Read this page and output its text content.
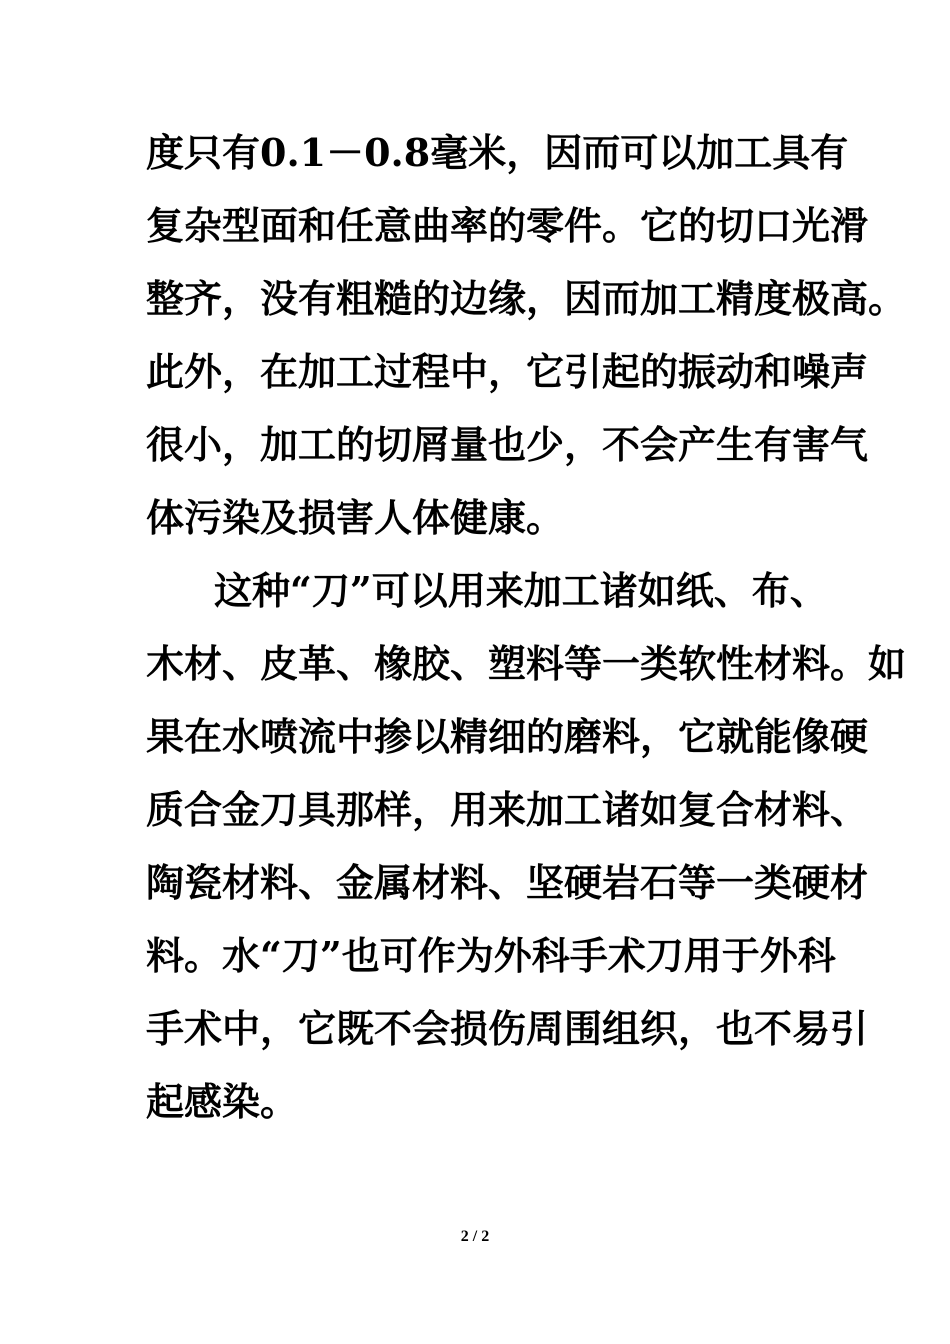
度只有0.1－0.8毫米，因而可以加工具有
复杂型面和任意曲率的零件。它的切口光滑
整齐，没有粗糙的边缘，因而加工精度极高。
此外，在加工过程中，它引起的振动和噪声
很小，加工的切屑量也少，不会产生有害气
体污染及损害人体健康。
这种“刀”可以用来加工诸如纸、布、
木材、皮革、橡胶、塑料等一类软性材料。如
果在水喷流中掺以精细的磨料，它就能像硬
质合金刀具那样，用来加工诸如复合材料、
陶瓷材料、金属材料、坚硬岩石等一类硬材
料。水“刀”也可作为外科手术刀用于外科
手术中，它既不会损伤周围组织，也不易引
起感染。
2 / 2
